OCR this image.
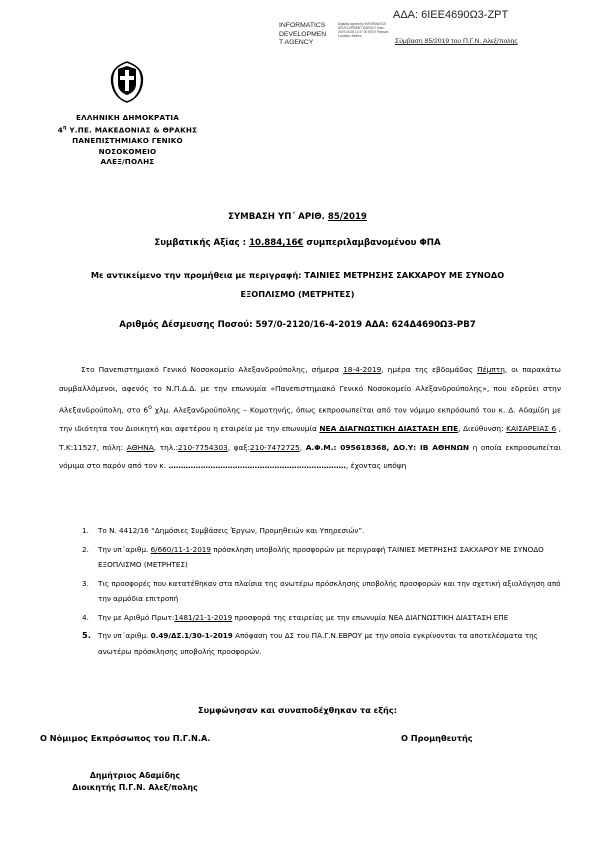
ΑΔΑ: 6ΙΕΕ4690Ω3-ΖΡΤ
INFORMATICS
DEVELOPMEN
T AGENCY
Digitally signed by INFORMATICS DEVELOPMENT AGENCY Date: 2019.05.06 12:47:00 EEST Reason: Location: Athens
Σύμβαση 85/2019 του Π.Γ.Ν. Αλεξ/πολης
ΕΛΛΗΝΙΚΗ ΔΗΜΟΚΡΑΤΙΑ
$4^\eta$ Υ.ΠΕ. ΜΑΚΕΔΟΝΙΑΣ & ΘΡΑΚΗΣ
ΠΑΝΕΠΙΣΤΗΜΙΑΚΟ ΓΕΝΙΚΟ
ΝΟΣΟΚΟΜΕΙΟ
ΑΛΕΞ/ΠΟΛΗΣ
ΣΥΜΒΑΣΗ ΥΠ΄ ΑΡΙΘ. 85/2019
Συμβατικής Αξίας : 10.884,16€ συμπεριλαμβανομένου ΦΠΑ
Με αντικείμενο την προμήθεια με περιγραφή: ΤΑΙΝΙΕΣ ΜΕΤΡΗΣΗΣ ΣΑΚΧΑΡΟΥ ΜΕ ΣΥΝΟΔΟ
ΕΞΟΠΛΙΣΜΟ (ΜΕΤΡΗΤΕΣ)
Αριθμός Δέσμευσης Ποσού: 597/0-2120/16-4-2019 ΑΔΑ: 624Δ4690Ω3-ΡΒ7
Στο Πανεπιστημιακό Γενικό Νοσοκομείο Αλεξανδρούπολης, σήμερα 18-4-2019, ημέρα της εβδομάδας Πέμπτη, οι παρακάτω συμβαλλόμενοι, αφενός το Ν.Π.Δ.Δ. με την επωνυμία «Πανεπιστημιακό Γενικό Νοσοκομείο Αλεξανδρούπολης», που εδρεύει στην Αλεξανδρούπολη, στο $6^o$ χλμ. Αλεξανδρούπολης – Κομοτηνής, όπως εκπροσωπείται από τον νόμιμο εκπρόσωπό του κ. Δ. Αδαμίδη με την ιδιότητα του Διοικητή και αφετέρου η εταιρεία με την επωνυμία ΝΕΑ ΔΙΑΓΝΩΣΤΙΚΗ ΔΙΑΣΤΑΣΗ ΕΠΕ, Διεύθυνση: ΚΑΙΣΑΡΕΙΑΣ 6 , Τ.Κ:11527, πόλη: ΑΘΗΝΑ, τηλ.:210-7754303, φαξ:210-7472725, Α.Φ.Μ.: 095618368, ΔΟ.Υ: ΙΒ ΑΘΗΝΩΝ η οποία εκπροσωπείται νόμιμα στο παρόν από τον κ. ………………………………………………………………, έχοντας υπόψη
1. Το Ν. 4412/16 “Δημόσιες Συμβάσεις Έργων, Προμηθειών και Υπηρεσιών”.
2. Την υπ΄αριθμ. 6/660/11-1-2019 πρόσκληση υποβολής προσφορών με περιγραφή ΤΑΙΝΙΕΣ ΜΕΤΡΗΣΗΣ ΣΑΚΧΑΡΟΥ ΜΕ ΣΥΝΟΔΟ ΕΞΟΠΛΙΣΜΟ (ΜΕΤΡΗΤΕΣ)
3. Τις προσφορές που κατατέθηκαν στα πλαίσια της ανωτέρω πρόσκλησης υποβολής προσφορών και την σχετική αξιολόγηση από την αρμόδια επιτροπή
4. Την με Αριθμό Πρωτ:1481/21-1-2019 προσφορά της εταιρείας με την επωνυμία ΝΕΑ ΔΙΑΓΝΩΣΤΙΚΗ ΔΙΑΣΤΑΣΗ ΕΠΕ
5. Την υπ΄αριθμ. 0.49/ΔΣ.1/30-1-2019 Απόφαση του ΔΣ του ΠΑ.Γ.Ν.ΕΒΡΟΥ με την οποία εγκρίνονται τα αποτελέσματα της ανωτέρω πρόσκλησης υποβολής προσφορών.
Συμφώνησαν και συναποδέχθηκαν τα εξής:
Ο Νόμιμος Εκπρόσωπος του Π.Γ.Ν.Α.	Ο Προμηθευτής
Δημήτριος Αδαμίδης
Διοικητής Π.Γ.Ν. Αλεξ/πολης
